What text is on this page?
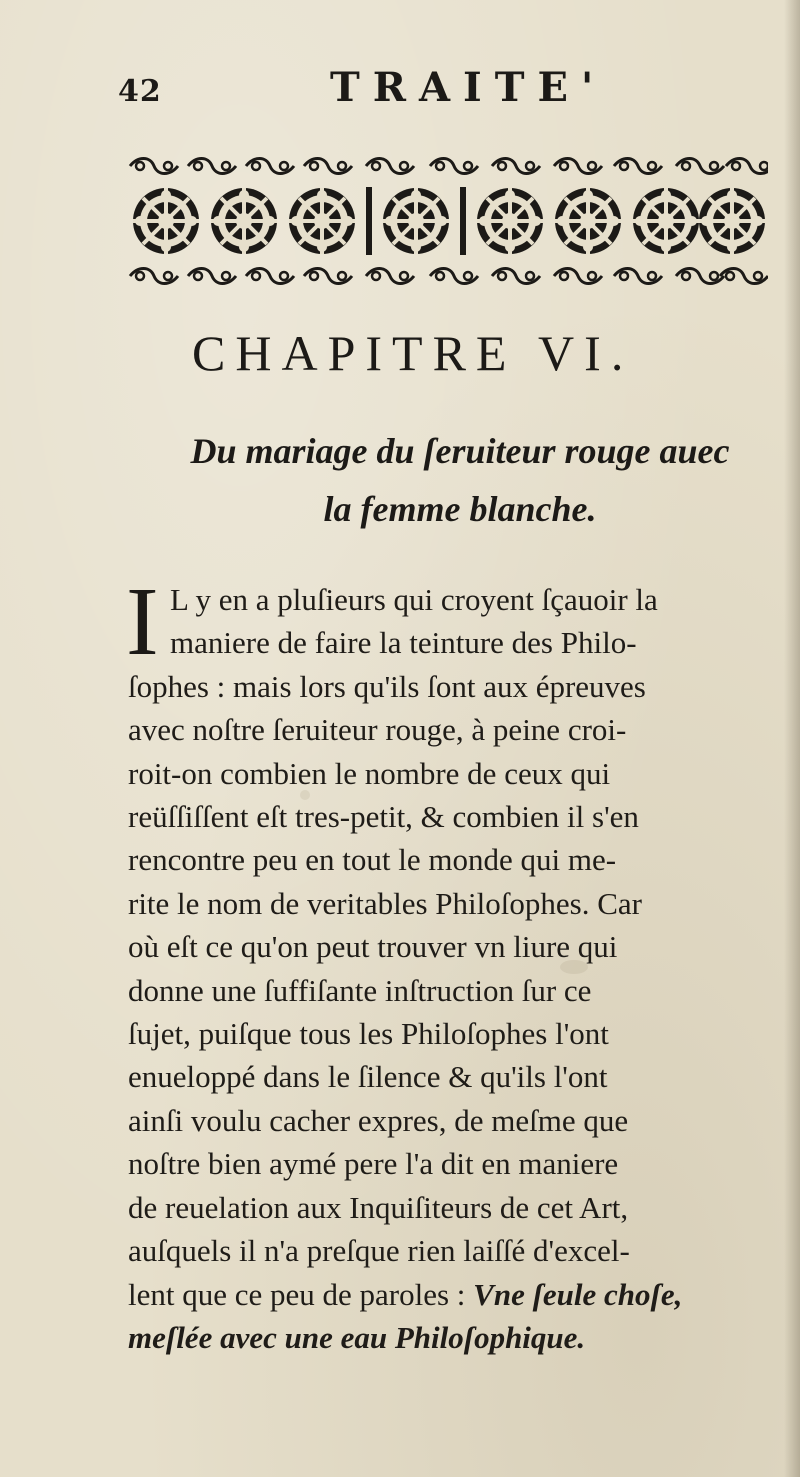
42	TRAITE'
CHAPITRE VI.
Du mariage du ſeruiteur rouge auec
la femme blanche.
I L y en a pluſieurs qui croyent ſçauoir la
maniere de faire la teinture des Philo-
ſophes : mais lors qu'ils ſont aux épreuves
avec noſtre ſeruiteur rouge, à peine croi-
roit-on combien le nombre de ceux qui
reüſſiſſent eſt tres-petit, & combien il s'en
rencontre peu en tout le monde qui me-
rite le nom de veritables Philoſophes. Car
où eſt ce qu'on peut trouver vn liure qui
donne une ſuffiſante inſtruction ſur ce
ſujet, puiſque tous les Philoſophes l'ont
enueloppé dans le ſilence & qu'ils l'ont
ainſi voulu cacher expres, de meſme que
noſtre bien aymé pere l'a dit en maniere
de reuelation aux Inquiſiteurs de cet Art,
auſquels il n'a preſque rien laiſſé d'excel-
lent que ce peu de paroles : Vne ſeule choſe,
meſlée avec une eau Philoſophique.
